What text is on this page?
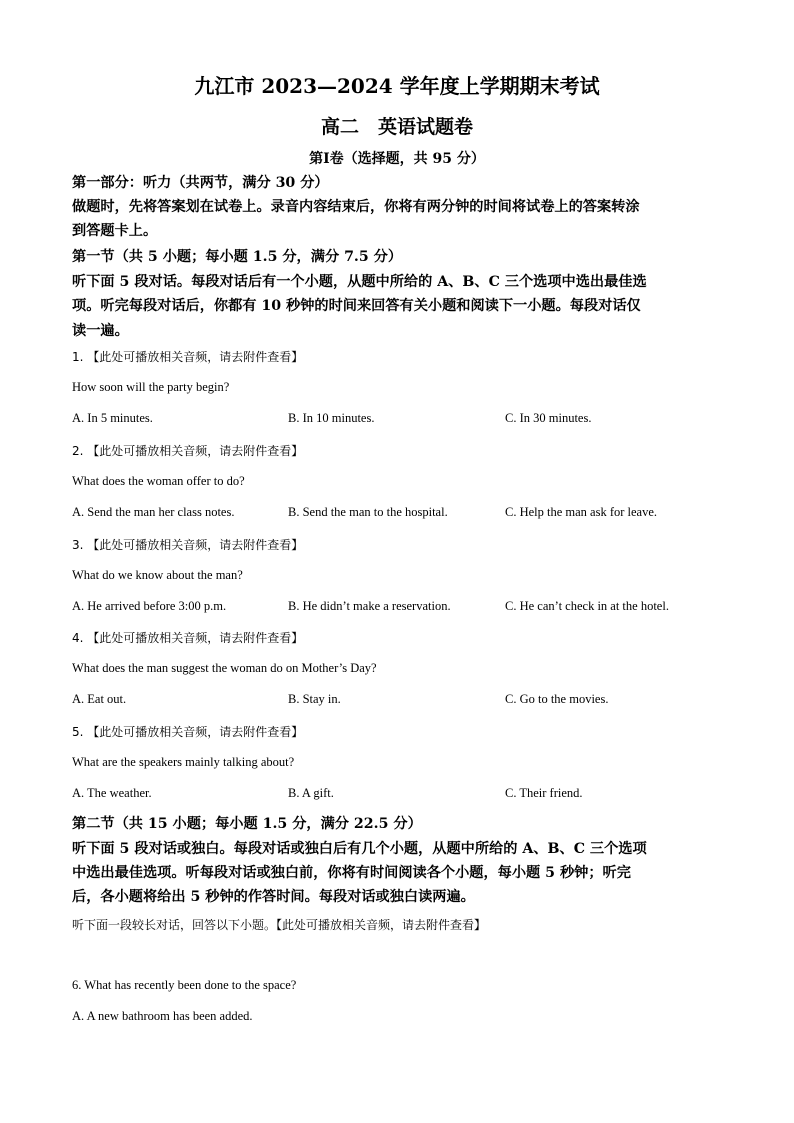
九江市 2023—2024 学年度上学期期末考试
高二　英语试题卷
第Ⅰ卷（选择题，共 95 分）
第一部分：听力（共两节，满分 30 分）
做题时，先将答案划在试卷上。录音内容结束后，你将有两分钟的时间将试卷上的答案转涂
到答题卡上。
第一节（共 5 小题；每小题 1.5 分，满分 7.5 分）
听下面 5 段对话。每段对话后有一个小题，从题中所给的 A、B、C 三个选项中选出最佳选
项。听完每段对话后，你都有 10 秒钟的时间来回答有关小题和阅读下一小题。每段对话仅
读一遍。
1. 【此处可播放相关音频，请去附件查看】
How soon will the party begin?
A. In 5 minutes.	B. In 10 minutes.	C. In 30 minutes.
2. 【此处可播放相关音频，请去附件查看】
What does the woman offer to do?
A. Send the man her class notes.	B. Send the man to the hospital.	C. Help the man ask for leave.
3. 【此处可播放相关音频，请去附件查看】
What do we know about the man?
A. He arrived before 3:00 p.m.	B. He didn’t make a reservation.	C. He can’t check in at the hotel.
4. 【此处可播放相关音频，请去附件查看】
What does the man suggest the woman do on Mother’s Day?
A. Eat out.	B. Stay in.	C. Go to the movies.
5. 【此处可播放相关音频，请去附件查看】
What are the speakers mainly talking about?
A. The weather.	B. A gift.	C. Their friend.
第二节（共 15 小题；每小题 1.5 分，满分 22.5 分）
听下面 5 段对话或独白。每段对话或独白后有几个小题，从题中所给的 A、B、C 三个选项
中选出最佳选项。听每段对话或独白前，你将有时间阅读各个小题，每小题 5 秒钟；听完
后，各小题将给出 5 秒钟的作答时间。每段对话或独白读两遍。
听下面一段较长对话，回答以下小题。【此处可播放相关音频，请去附件查看】
6. What has recently been done to the space?
A. A new bathroom has been added.
